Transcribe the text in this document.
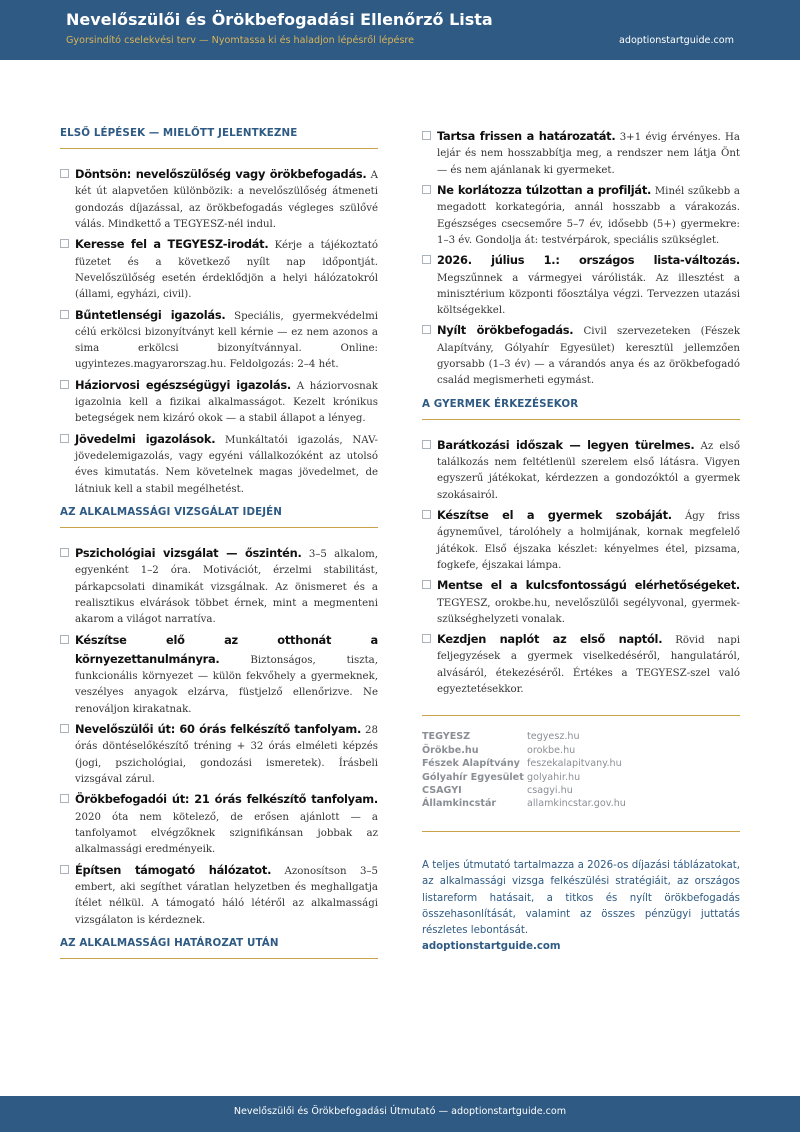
Nevelőszülői és Örökbefogadási Ellenőrző Lista
Gyorsindító cselekvési terv — Nyomtassa ki és haladjon lépésről lépésre	adoptionstartguide.com
ELSŐ LÉPÉSEK — MIELŐTT JELENTKEZNE
Döntsön: nevelőszülőség vagy örökbefogadás. A két út alapvetően különbözik: a nevelőszülőség átmeneti gondozás díjazással, az örökbefogadás végleges szülővé válás. Mindkettő a TEGYESZ-nél indul.
Keresse fel a TEGYESZ-irodát. Kérje a tájékoztató füzetet és a következő nyílt nap időpontját. Nevelőszülőség esetén érdeklődjön a helyi hálózatokról (állami, egyházi, civil).
Bűntetlenségi igazolás. Speciális, gyermekvédelmi célú erkölcsi bizonyítványt kell kérnie — ez nem azonos a sima erkölcsi bizonyítvánnyal. Online: ugyintezes.magyarorszag.hu. Feldolgozás: 2–4 hét.
Háziorvosi egészségügyi igazolás. A háziorvosnak igazolnia kell a fizikai alkalmasságot. Kezelt krónikus betegségek nem kizáró okok — a stabil állapot a lényeg.
Jövedelmi igazolások. Munkáltatói igazolás, NAV-jövedelemigazolás, vagy egyéni vállalkozóként az utolsó éves kimutatás. Nem követelnek magas jövedelmet, de látniuk kell a stabil megélhetést.
AZ ALKALMASSÁGI VIZSGÁLAT IDEJÉN
Pszichológiai vizsgálat — őszintén. 3–5 alkalom, egyenként 1–2 óra. Motivációt, érzelmi stabilitást, párkapcsolati dinamikát vizsgálnak. Az önismeret és a realisztikus elvárások többet érnek, mint a megmenteni akarom a világot narratíva.
Készítse elő az otthonát a környezettanulmányra.	Biztonságos, tiszta, funkcionális környezet — külön fekvőhely a gyermeknek, veszélyes anyagok elzárva, füstjelző ellenőrizve. Ne renováljon kirakatnak.
Nevelőszülői út: 60 órás felkészítő tanfolyam. 28 órás döntéselőkészítő tréning + 32 órás elméleti képzés (jogi, pszichológiai, gondozási ismeretek). Írásbeli vizsgával zárul.
Örökbefogadói út: 21 órás felkészítő tanfolyam. 2020 óta nem kötelező, de erősen ajánlott — a tanfolyamot elvégzőknek szignifikánsan jobbak az alkalmassági eredményeik.
Építsen támogató hálózatot. Azonosítson 3–5 embert, aki segíthet váratlan helyzetben és meghallgatja ítélet nélkül. A támogató háló létéről az alkalmassági vizsgálaton is kérdeznek.
AZ ALKALMASSÁGI HATÁROZAT UTÁN
Tartsa frissen a határozatát. 3+1 évig érvényes. Ha lejár és nem hosszabbítja meg, a rendszer nem látja Önt — és nem ajánlanak ki gyermeket.
Ne korlátozza túlzottan a profilját. Minél szűkebb a megadott korkategória, annál hosszabb a várakozás. Egészséges csecsemőre 5–7 év, idősebb (5+) gyermekre: 1–3 év. Gondolja át: testvérpárok, speciális szükséglet.
2026. július 1.: országos lista-változás. Megszűnnek a vármegyei várólisták. Az illesztést a minisztérium központi főosztálya végzi. Tervezzen utazási költségekkel.
Nyílt örökbefogadás. Civil szervezeteken (Fészek Alapítvány, Gólyahír Egyesület) keresztül jellemzően gyorsabb (1–3 év) — a várandós anya és az örökbefogadó család megismerheti egymást.
A GYERMEK ÉRKEZÉSEKOR
Barátkozási időszak — legyen türelmes. Az első találkozás nem feltétlenül szerelem első látásra. Vigyen egyszerű játékokat, kérdezzen a gondozóktól a gyermek szokásairól.
Készítse el a gyermek szobáját. Ágy friss ágyneművel, tárolóhely a holmijának, kornak megfelelő játékok. Első éjszaka készlet: kényelmes étel, pizsama, fogkefe, éjszakai lámpa.
Mentse el a kulcsfontosságú elérhetőségeket. TEGYESZ, orokbe.hu, nevelőszülői segélyvonal, gyermek-szükséghelyzeti vonalak.
Kezdjen naplót az első naptól. Rövid napi feljegyzések a gyermek viselkedéséről, hangulatáról, alvásáról, étekezéséről. Értékes a TEGYESZ-szel való egyeztetésekkor.
TEGYESZ	tegyesz.hu
Örökbe.hu	orokbe.hu
Fészek Alapítvány feszekalapitvany.hu
Gólyahír Egyesület golyahir.hu
CSAGYI	csagyi.hu
Államkincstár	allamkincstar.gov.hu
A teljes útmutató tartalmazza a 2026-os díjazási táblázatokat, az alkalmassági vizsga felkészülési stratégiáit, az országos listareform hatásait, a titkos és nyílt örökbefogadás összehasonlítását, valamint az összes pénzügyi juttatás részletes lebontását.
adoptionstartguide.com
Nevelőszülői és Örökbefogadási Útmutató — adoptionstartguide.com
